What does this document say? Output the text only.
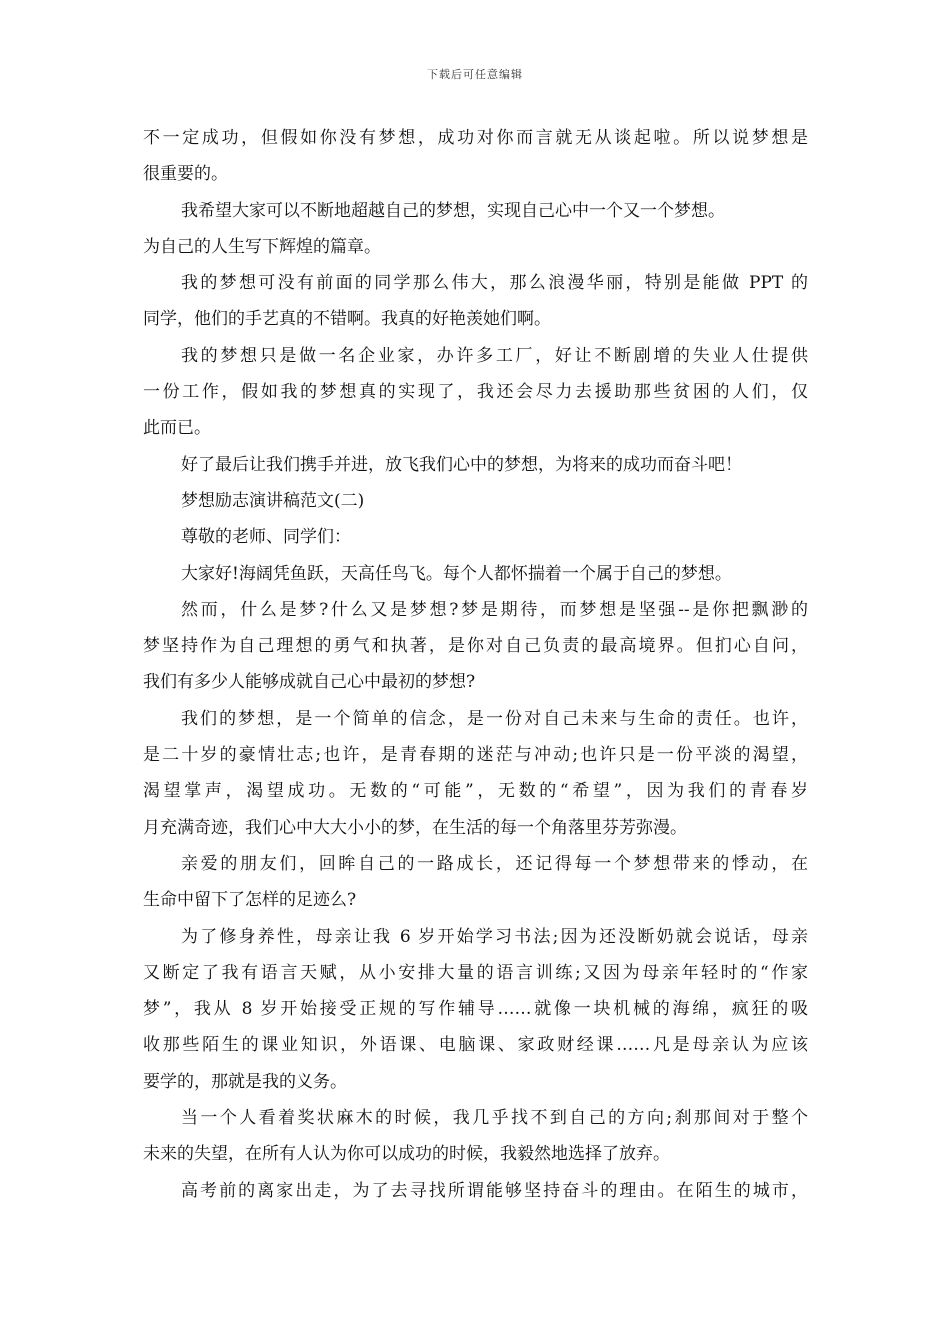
下载后可任意编辑
不一定成功，但假如你没有梦想，成功对你而言就无从谈起啦。所以说梦想是
很重要的。
我希望大家可以不断地超越自己的梦想，实现自己心中一个又一个梦想。
为自己的人生写下辉煌的篇章。
我的梦想可没有前面的同学那么伟大，那么浪漫华丽，特别是能做 PPT 的
同学，他们的手艺真的不错啊。我真的好艳羡她们啊。
我的梦想只是做一名企业家，办许多工厂，好让不断剧增的失业人仕提供
一份工作，假如我的梦想真的实现了，我还会尽力去援助那些贫困的人们，仅
此而已。
好了最后让我们携手并进，放飞我们心中的梦想，为将来的成功而奋斗吧！
梦想励志演讲稿范文(二)
尊敬的老师、同学们：
大家好!海阔凭鱼跃，天高任鸟飞。每个人都怀揣着一个属于自己的梦想。
然而，什么是梦?什么又是梦想?梦是期待，而梦想是坚强--是你把飘渺的
梦坚持作为自己理想的勇气和执著，是你对自己负责的最高境界。但扪心自问，
我们有多少人能够成就自己心中最初的梦想?
我们的梦想，是一个简单的信念，是一份对自己未来与生命的责任。也许，
是二十岁的豪情壮志;也许，是青春期的迷茫与冲动;也许只是一份平淡的渴望，
渴望掌声，渴望成功。无数的“可能”，无数的“希望”，因为我们的青春岁
月充满奇迹，我们心中大大小小的梦，在生活的每一个角落里芬芳弥漫。
亲爱的朋友们，回眸自己的一路成长，还记得每一个梦想带来的悸动，在
生命中留下了怎样的足迹么?
为了修身养性，母亲让我 6 岁开始学习书法;因为还没断奶就会说话，母亲
又断定了我有语言天赋，从小安排大量的语言训练;又因为母亲年轻时的“作家
梦”，我从 8 岁开始接受正规的写作辅导……就像一块机械的海绵，疯狂的吸
收那些陌生的课业知识，外语课、电脑课、家政财经课……凡是母亲认为应该
要学的，那就是我的义务。
当一个人看着奖状麻木的时候，我几乎找不到自己的方向;刹那间对于整个
未来的失望，在所有人认为你可以成功的时候，我毅然地选择了放弃。
高考前的离家出走，为了去寻找所谓能够坚持奋斗的理由。在陌生的城市，
